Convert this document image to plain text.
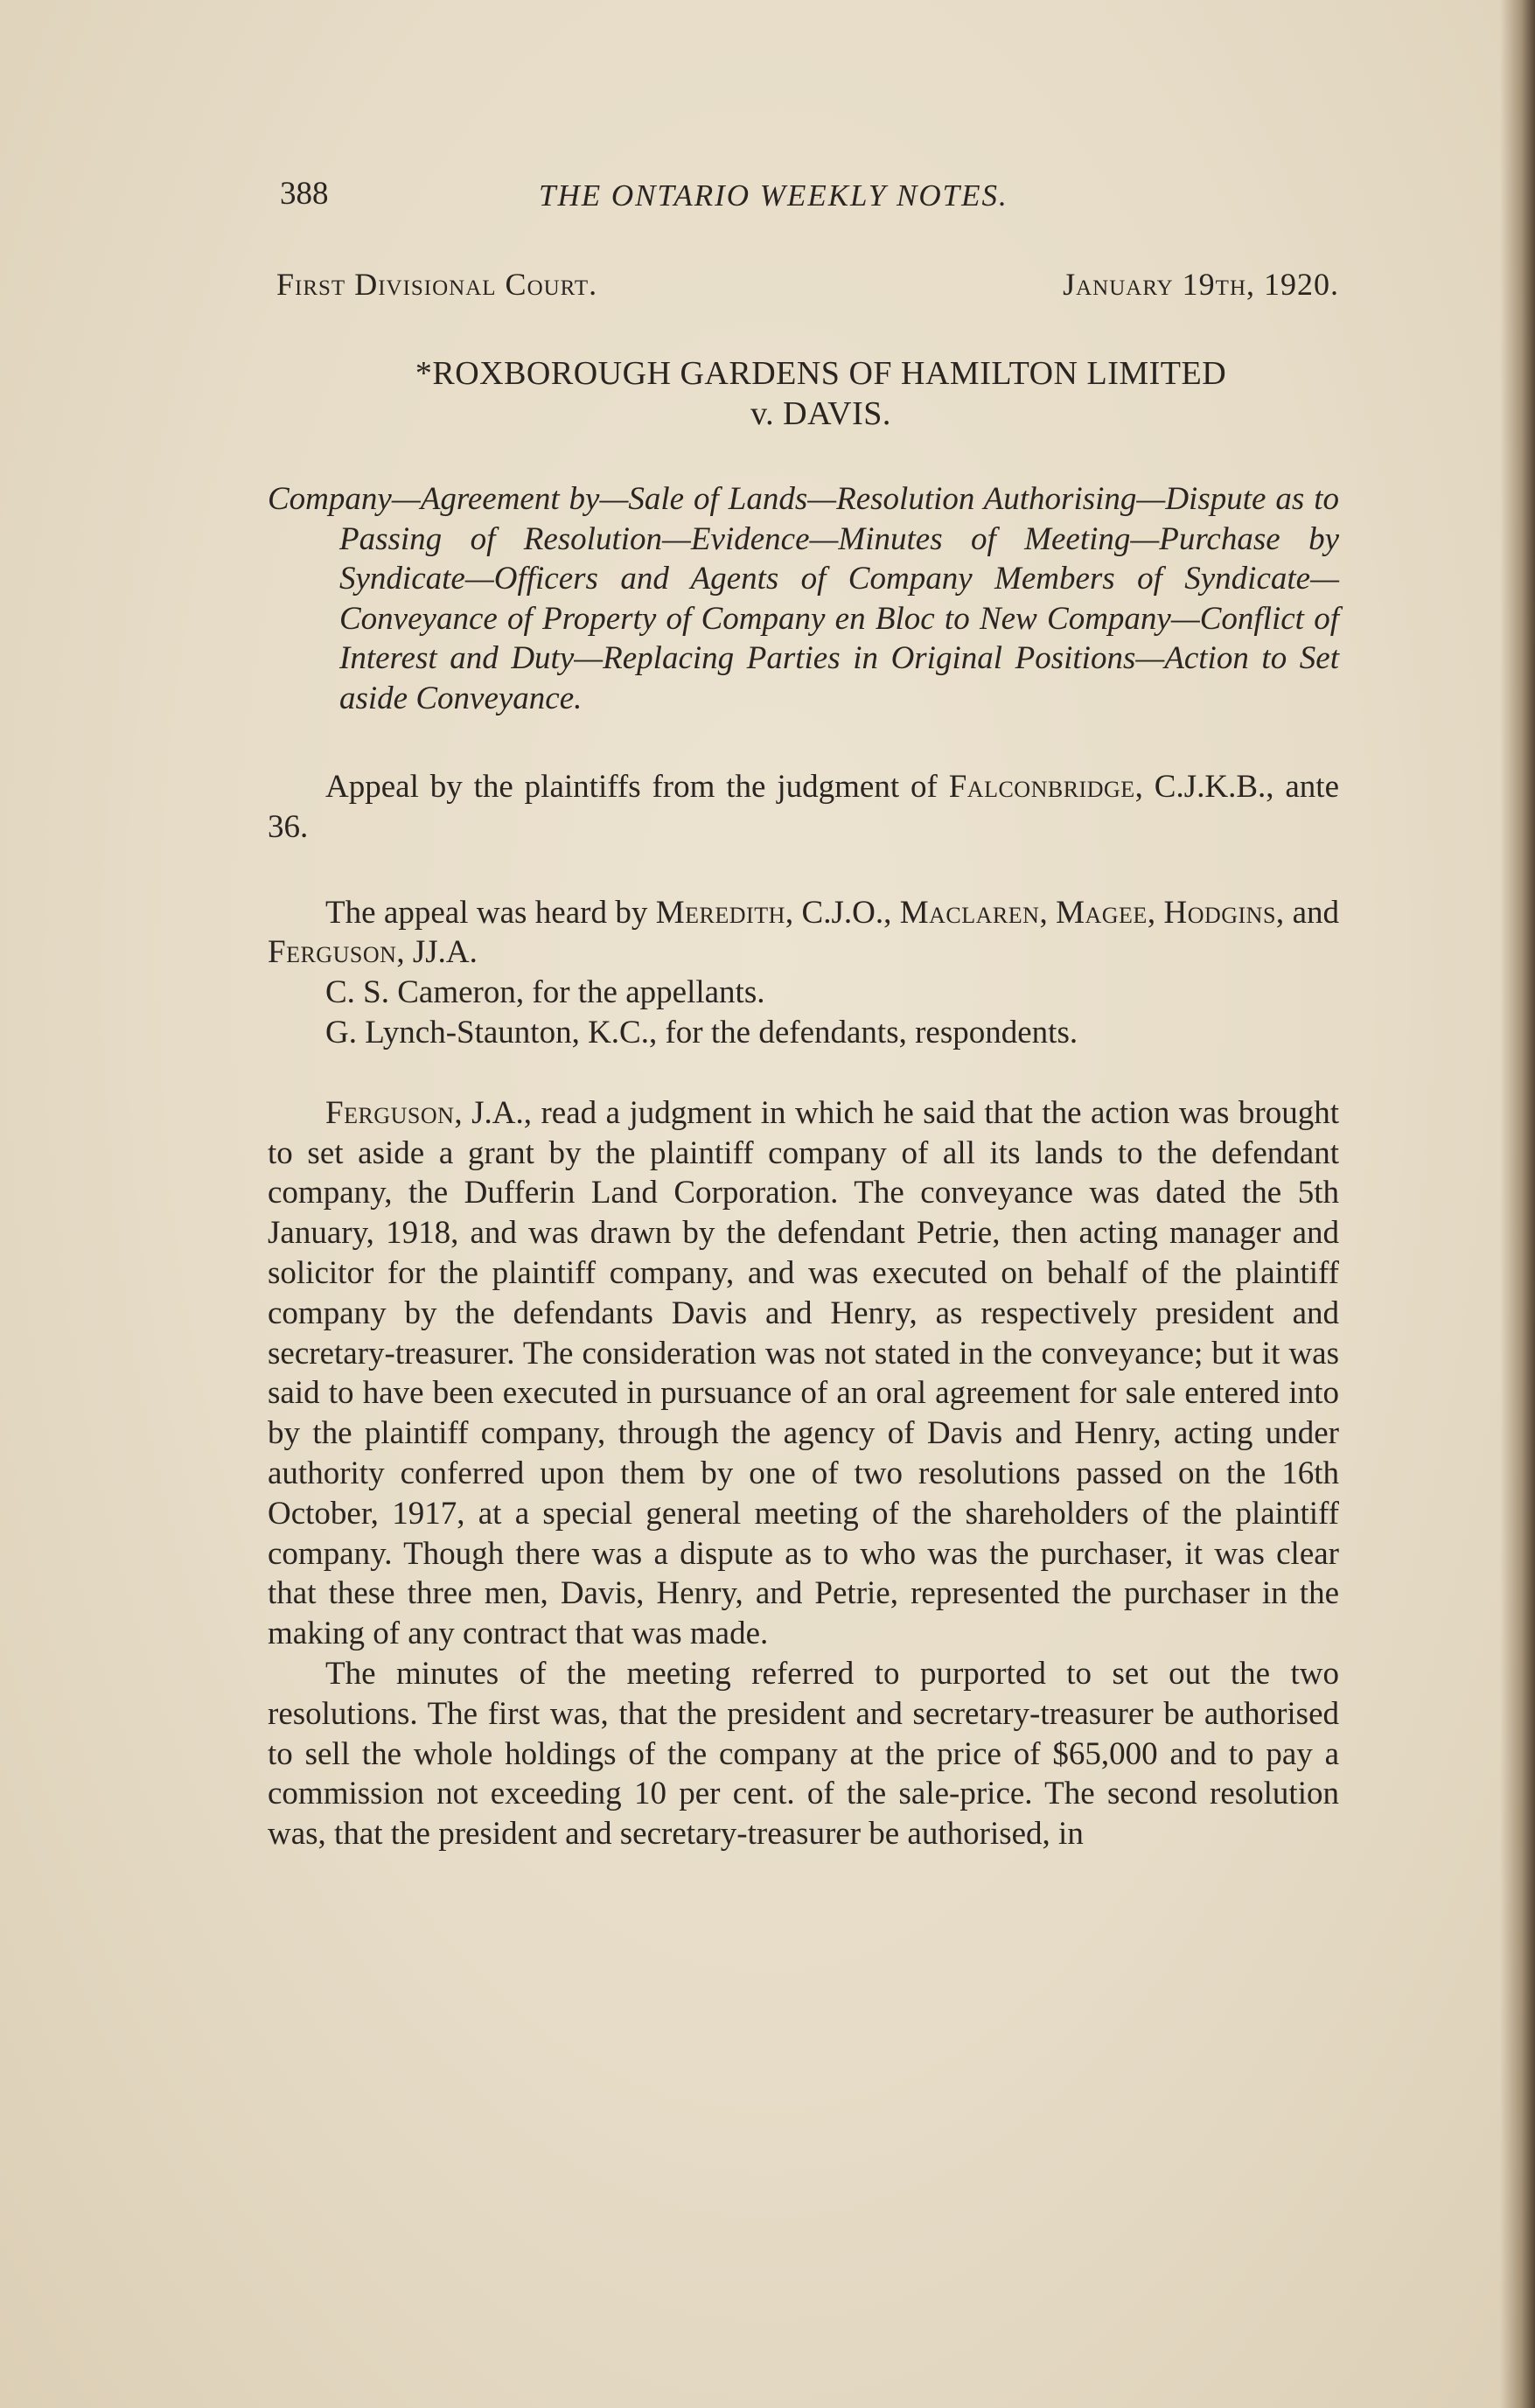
388	THE ONTARIO WEEKLY NOTES.
First Divisional Court.	January 19th, 1920.
*ROXBOROUGH GARDENS OF HAMILTON LIMITED
v. DAVIS.

Company—Agreement by—Sale of Lands—Resolution Authorising—Dispute as to Passing of Resolution—Evidence—Minutes of Meeting—Purchase by Syndicate—Officers and Agents of Company Members of Syndicate—Conveyance of Property of Company en Bloc to New Company—Conflict of Interest and Duty—Replacing Parties in Original Positions—Action to Set aside Conveyance.

Appeal by the plaintiffs from the judgment of Falconbridge, C.J.K.B., ante 36.

The appeal was heard by Meredith, C.J.O., Maclaren, Magee, Hodgins, and Ferguson, JJ.A.

C. S. Cameron, for the appellants.
G. Lynch-Staunton, K.C., for the defendants, respondents.

Ferguson, J.A., read a judgment in which he said that the action was brought to set aside a grant by the plaintiff company of all its lands to the defendant company, the Dufferin Land Corporation. The conveyance was dated the 5th January, 1918, and was drawn by the defendant Petrie, then acting manager and solicitor for the plaintiff company, and was executed on behalf of the plaintiff company by the defendants Davis and Henry, as respectively president and secretary-treasurer. The consideration was not stated in the conveyance; but it was said to have been executed in pursuance of an oral agreement for sale entered into by the plaintiff company, through the agency of Davis and Henry, acting under authority conferred upon them by one of two resolutions passed on the 16th October, 1917, at a special general meeting of the shareholders of the plaintiff company. Though there was a dispute as to who was the purchaser, it was clear that these three men, Davis, Henry, and Petrie, represented the purchaser in the making of any contract that was made.

The minutes of the meeting referred to purported to set out the two resolutions. The first was, that the president and secretary-treasurer be authorised to sell the whole holdings of the company at the price of $65,000 and to pay a commission not exceeding 10 per cent. of the sale-price. The second resolution was, that the president and secretary-treasurer be authorised, in
